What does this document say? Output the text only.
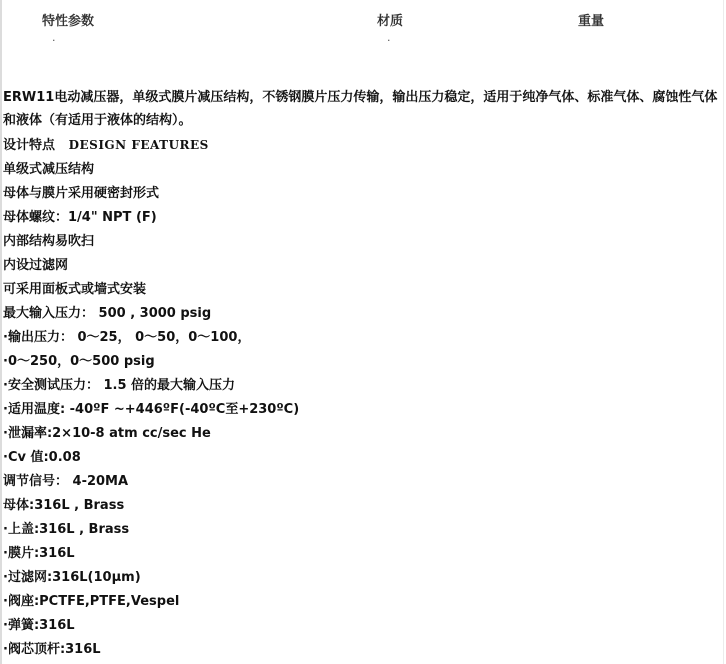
特性参数	材质	重量
·	·
ERW11电动减压器，单级式膜片减压结构，不锈钢膜片压力传输，输出压力稳定，适用于纯净气体、标准气体、腐蚀性气体和液体（有适用于液体的结构）。
设计特点 DESIGN FEATURES
单级式减压结构
母体与膜片采用硬密封形式
母体螺纹：1/4" NPT (F)
内部结构易吹扫
内设过滤网
可采用面板式或墙式安装
最大输入压力： 500 , 3000 psig
·输出压力： 0～25， 0～50，0～100，
·0～250，0～500 psig
·安全测试压力： 1.5 倍的最大输入压力
·适用温度: -40ºF ~+446ºF(-40ºC至+230ºC)
·泄漏率:2×10-8 atm cc/sec He
·Cv 值:0.08
调节信号： 4-20MA
母体:316L , Brass
·上盖:316L , Brass
·膜片:316L
·过滤网:316L(10μm)
·阀座:PCTFE,PTFE,Vespel
·弹簧:316L
·阀芯顶杆:316L
